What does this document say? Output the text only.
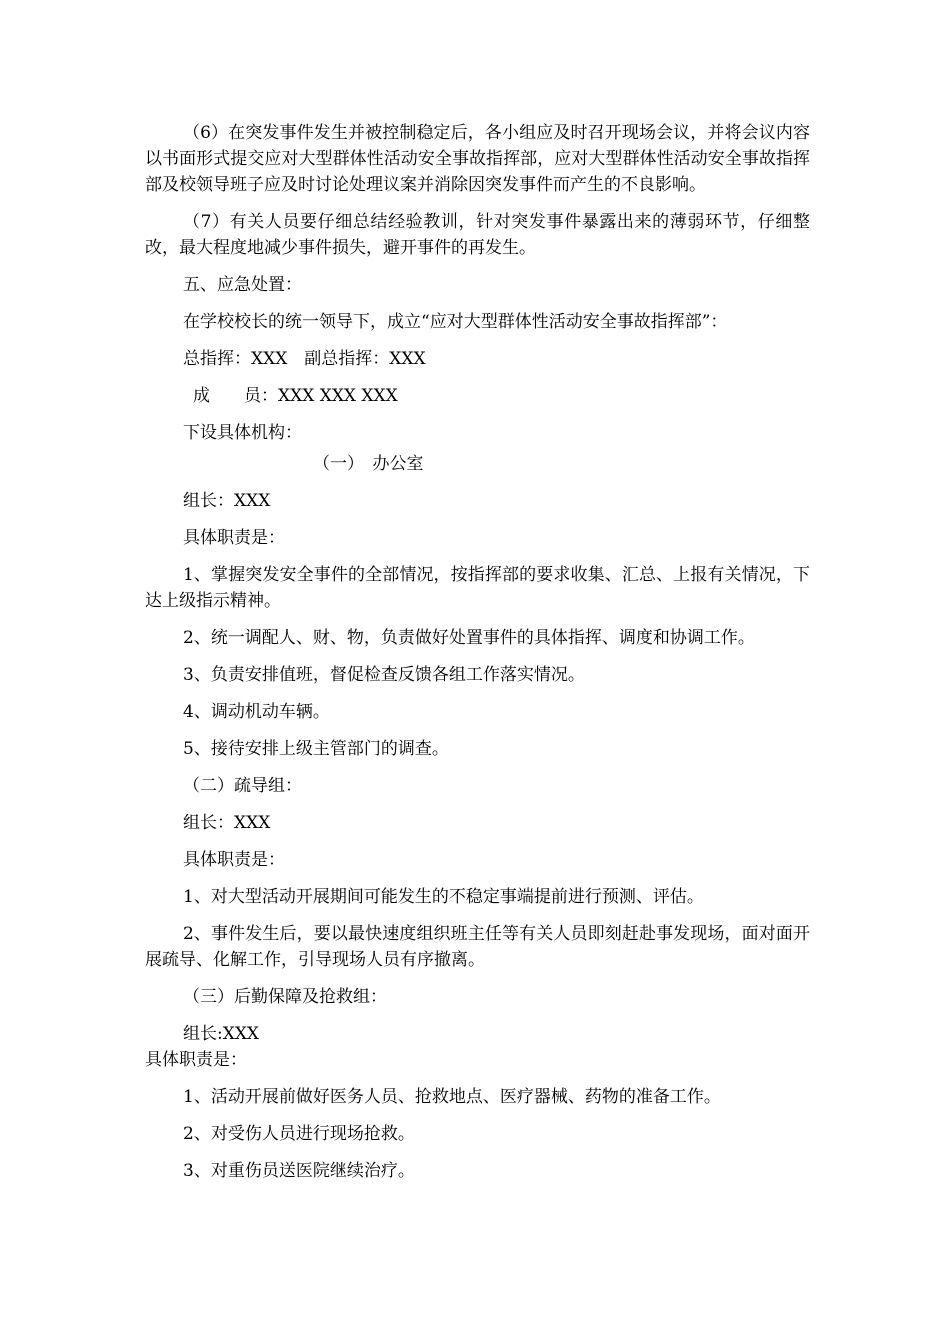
（6）在突发事件发生并被控制稳定后，各小组应及时召开现场会议，并将会议内容以书面形式提交应对大型群体性活动安全事故指挥部，应对大型群体性活动安全事故指挥部及校领导班子应及时讨论处理议案并消除因突发事件而产生的不良影响。

（7）有关人员要仔细总结经验教训，针对突发事件暴露出来的薄弱环节，仔细整改，最大程度地减少事件损失，避开事件的再发生。

五、应急处置：

在学校校长的统一领导下，成立“应对大型群体性活动安全事故指挥部”：

总指挥：XXX　副总指挥：XXX

成　　员：XXX XXX XXX

下设具体机构：

（一）　办公室

组长：XXX

具体职责是：

1、掌握突发安全事件的全部情况，按指挥部的要求收集、汇总、上报有关情况，下达上级指示精神。

2、统一调配人、财、物，负责做好处置事件的具体指挥、调度和协调工作。

3、负责安排值班，督促检查反馈各组工作落实情况。

4、调动机动车辆。

5、接待安排上级主管部门的调查。

（二）疏导组：

组长：XXX

具体职责是：

1、对大型活动开展期间可能发生的不稳定事端提前进行预测、评估。

2、事件发生后，要以最快速度组织班主任等有关人员即刻赶赴事发现场，面对面开展疏导、化解工作，引导现场人员有序撤离。

（三）后勤保障及抢救组：

组长:XXX

具体职责是：

1、活动开展前做好医务人员、抢救地点、医疗器械、药物的准备工作。

2、对受伤人员进行现场抢救。

3、对重伤员送医院继续治疗。
